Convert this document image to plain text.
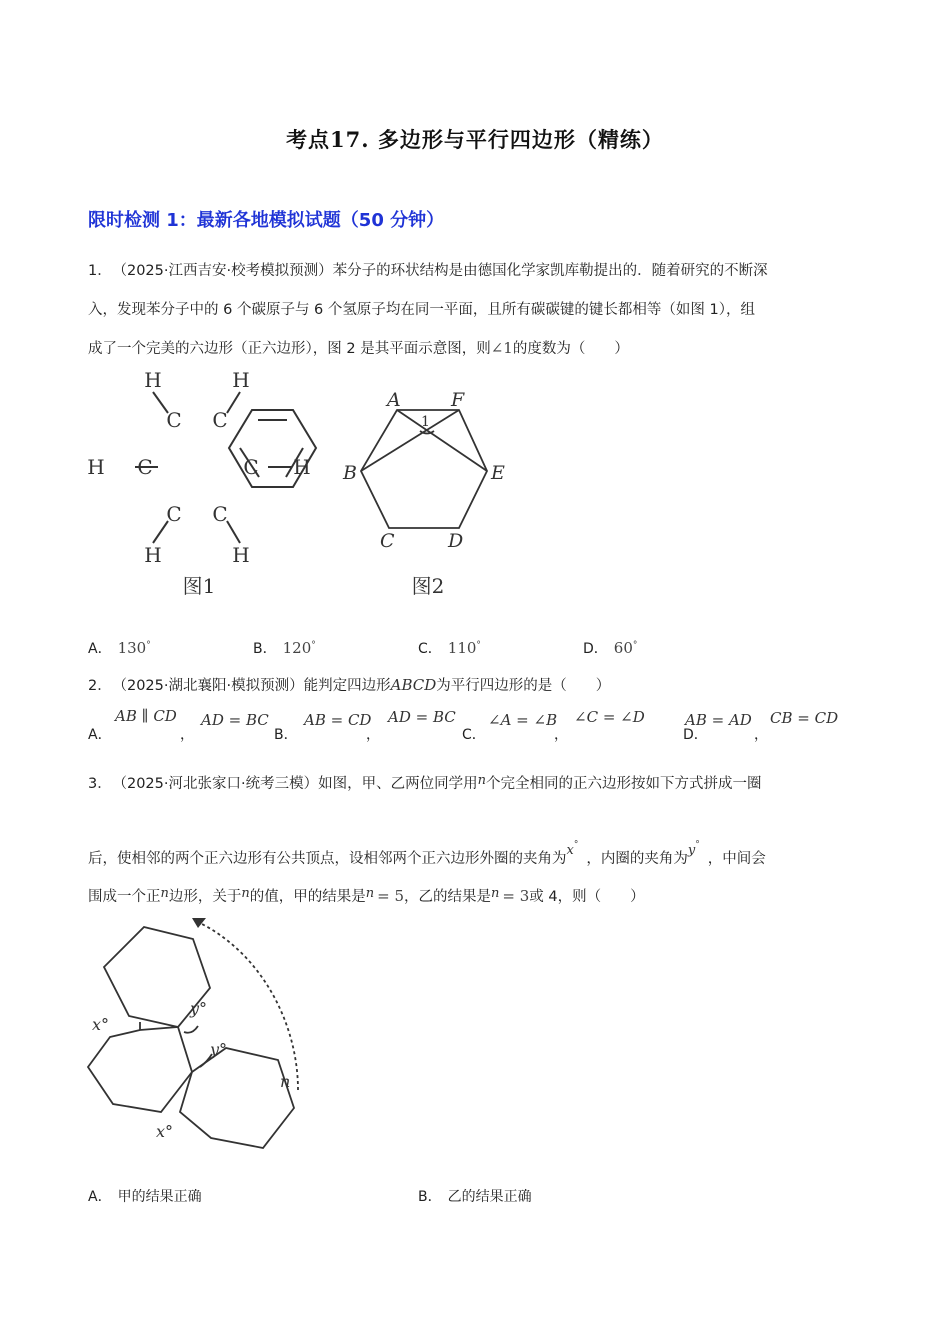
考点17. 多边形与平行四边形（精练）
限时检测 1：最新各地模拟试题（50 分钟）
1． （2025·江西吉安·校考模拟预测）苯分子的环状结构是由德国化学家凯库勒提出的．随着研究的不断深
入，发现苯分子中的 6 个碳原子与 6 个氢原子均在同一平面，且所有碳碳键的键长都相等（如图 1），组
成了一个完美的六边形（正六边形），图 2 是其平面示意图，则∠1的度数为（　　）
H	H
C C
H C	C H
C C
H	H
图1
A	F
B	E
C	D
1
图2
A． 130°	B． 120°	C． 110°	D． 60°
2． （2025·湖北襄阳·模拟预测）能判定四边形ABCD为平行四边形的是（　　）
A．
AB ∥ CD
，
AD = BC
B．
AB = CD
，
AD = BC
C．
∠A = ∠B
，
∠C = ∠D
D．
AB = AD
，
CB = CD
3． （2025·河北张家口·统考三模）如图，甲、乙两位同学用n个完全相同的正六边形按如下方式拼成一圈
后，使相邻的两个正六边形有公共顶点，设相邻两个正六边形外圈的夹角为x°，内圈的夹角为y°，中间会
围成一个正n边形，关于n的值，甲的结果是n = 5，乙的结果是n = 3或 4，则（　　）
x°
y°
y°
x°
n
A． 甲的结果正确	B． 乙的结果正确
